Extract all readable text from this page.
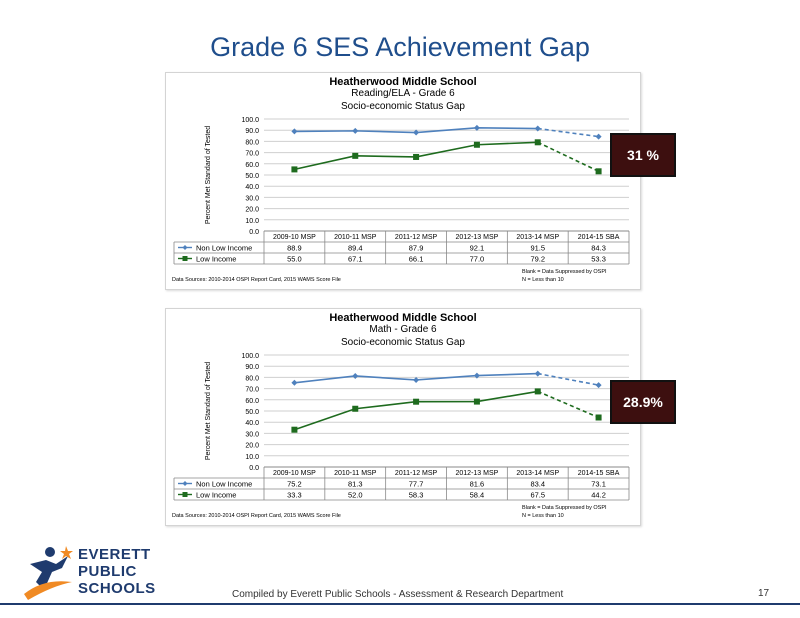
Grade 6 SES Achievement Gap
Heatherwood Middle School
Reading/ELA - Grade 6
Socio-economic Status Gap
Percent Met Standard of Tested
0.0
10.0
20.0
30.0
40.0
50.0
60.0
70.0
80.0
90.0
100.0
2009-10 MSP	2010-11 MSP	2011-12 MSP	2012-13 MSP	2013-14 MSP	2014-15 SBA
Non Low Income	88.9	89.4	87.9	92.1	91.5	84.3
Low Income	55.0	67.1	66.1	77.0	79.2	53.3
Data Sources: 2010-2014 OSPI Report Card, 2015 WAMS Score File
Blank = Data Suppressed by OSPI
N = Less than 10
31 %
Heatherwood Middle School
Math - Grade 6
Socio-economic Status Gap
Percent Met Standard of Tested
0.0
10.0
20.0
30.0
40.0
50.0
60.0
70.0
80.0
90.0
100.0
2009-10 MSP	2010-11 MSP	2011-12 MSP	2012-13 MSP	2013-14 MSP	2014-15 SBA
Non Low Income	75.2	81.3	77.7	81.6	83.4	73.1
Low Income	33.3	52.0	58.3	58.4	67.5	44.2
Data Sources: 2010-2014 OSPI Report Card, 2015 WAMS Score File
Blank = Data Suppressed by OSPI
N = Less than 10
28.9%
EVERETT
PUBLIC
SCHOOLS	Compiled by Everett Public Schools - Assessment & Research Department	17
